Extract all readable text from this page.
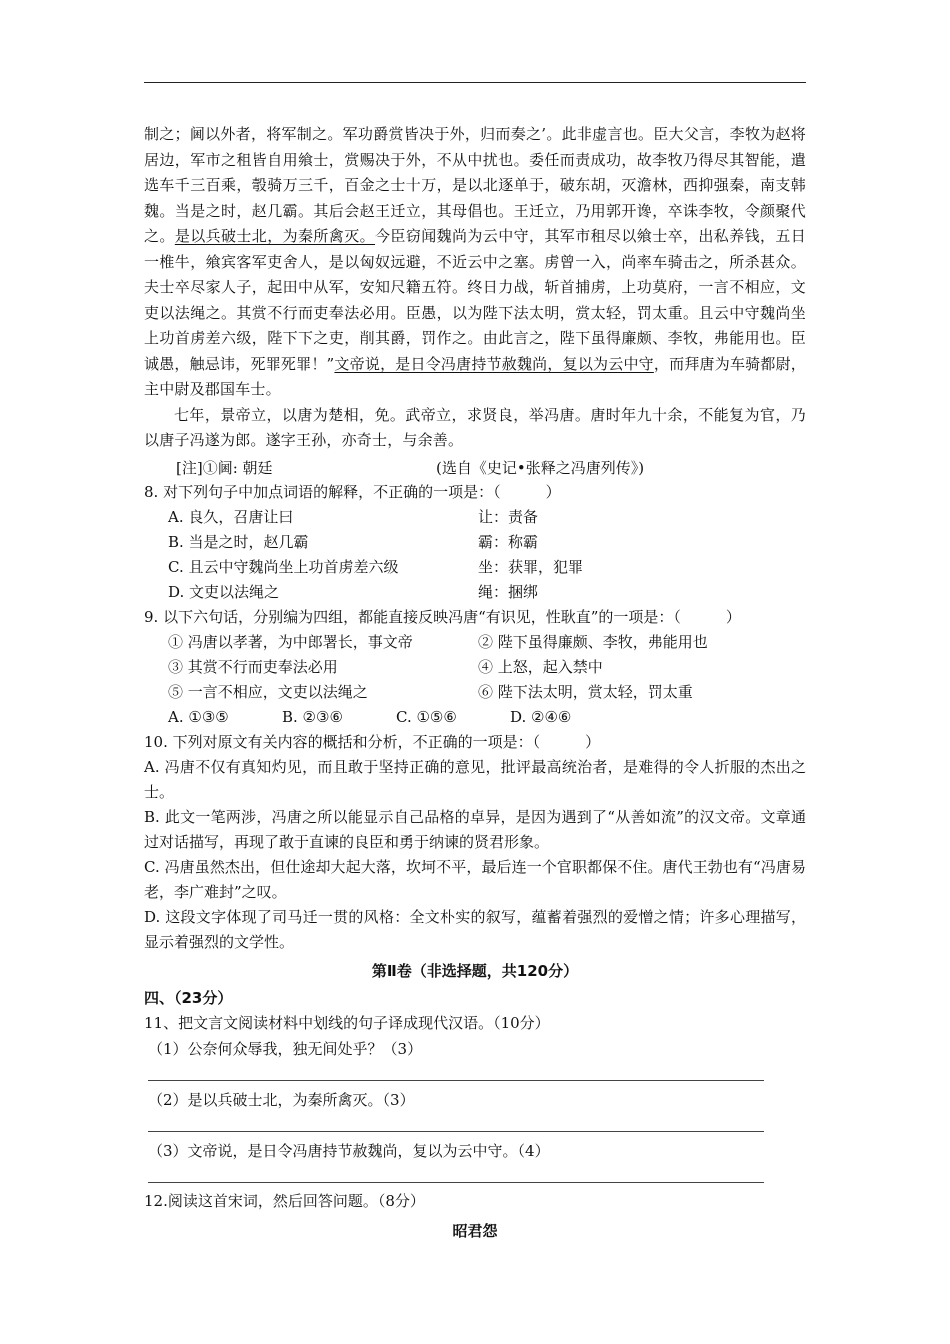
制之；阃以外者，将军制之。军功爵赏皆决于外，归而奏之’。此非虚言也。臣大父言，李牧为赵将居边，军市之租皆自用飨士，赏赐决于外，不从中扰也。委任而责成功，故李牧乃得尽其智能，遣选车千三百乘，彀骑万三千，百金之士十万，是以北逐单于，破东胡，灭澹林，西抑强秦，南支韩魏。当是之时，赵几霸。其后会赵王迁立，其母倡也。王迁立，乃用郭开谗，卒诛李牧，令颜聚代之。是以兵破士北，为秦所禽灭。今臣窃闻魏尚为云中守，其军市租尽以飨士卒，出私养钱，五日一椎牛，飨宾客军吏舍人，是以匈奴远避，不近云中之塞。虏曾一入，尚率车骑击之，所杀甚众。夫士卒尽家人子，起田中从军，安知尺籍五符。终日力战，斩首捕虏，上功莫府，一言不相应，文吏以法绳之。其赏不行而吏奉法必用。臣愚，以为陛下法太明，赏太轻，罚太重。且云中守魏尚坐上功首虏差六级，陛下下之吏，削其爵，罚作之。由此言之，陛下虽得廉颇、李牧，弗能用也。臣诚愚，触忌讳，死罪死罪！”文帝说，是日令冯唐持节赦魏尚，复以为云中守，而拜唐为车骑都尉，主中尉及郡国车士。

七年，景帝立，以唐为楚相，免。武帝立，求贤良，举冯唐。唐时年九十余，不能复为官，乃以唐子冯遂为郎。遂字王孙，亦奇士，与余善。

[注]①阃: 朝廷	(选自《史记•张释之冯唐列传》)

8. 对下列句子中加点词语的解释，不正确的一项是：（　　　）

A. 良久，召唐让曰	让：责备
B. 当是之时，赵几霸	霸：称霸
C. 且云中守魏尚坐上功首虏差六级	坐：获罪，犯罪
D. 文吏以法绳之	绳：捆绑

9. 以下六句话，分别编为四组，都能直接反映冯唐“有识见，性耿直”的一项是：（　　　）

① 冯唐以孝著，为中郎署长，事文帝	② 陛下虽得廉颇、李牧，弗能用也
③ 其赏不行而吏奉法必用	④ 上怒，起入禁中
⑤ 一言不相应，文吏以法绳之	⑥ 陛下法太明，赏太轻，罚太重
A. ①③⑤	B. ②③⑥	C. ①⑤⑥	D. ②④⑥

10. 下列对原文有关内容的概括和分析，不正确的一项是：（　　　）

A. 冯唐不仅有真知灼见，而且敢于坚持正确的意见，批评最高统治者，是难得的令人折服的杰出之士。

B. 此文一笔两涉，冯唐之所以能显示自己品格的卓异，是因为遇到了“从善如流”的汉文帝。文章通过对话描写，再现了敢于直谏的良臣和勇于纳谏的贤君形象。

C. 冯唐虽然杰出，但仕途却大起大落，坎坷不平，最后连一个官职都保不住。唐代王勃也有“冯唐易老，李广难封”之叹。

D. 这段文字体现了司马迁一贯的风格：全文朴实的叙写，蕴蓄着强烈的爱憎之情；许多心理描写，显示着强烈的文学性。

第Ⅱ卷（非选择题，共120分）

四、（23分）

11、把文言文阅读材料中划线的句子译成现代汉语。（10分）

（1）公奈何众辱我，独无间处乎？（3）

（2）是以兵破士北，为秦所禽灭。（3）

（3）文帝说，是日令冯唐持节赦魏尚，复以为云中守。（4）

12.阅读这首宋词，然后回答问题。（8分）

昭君怨
